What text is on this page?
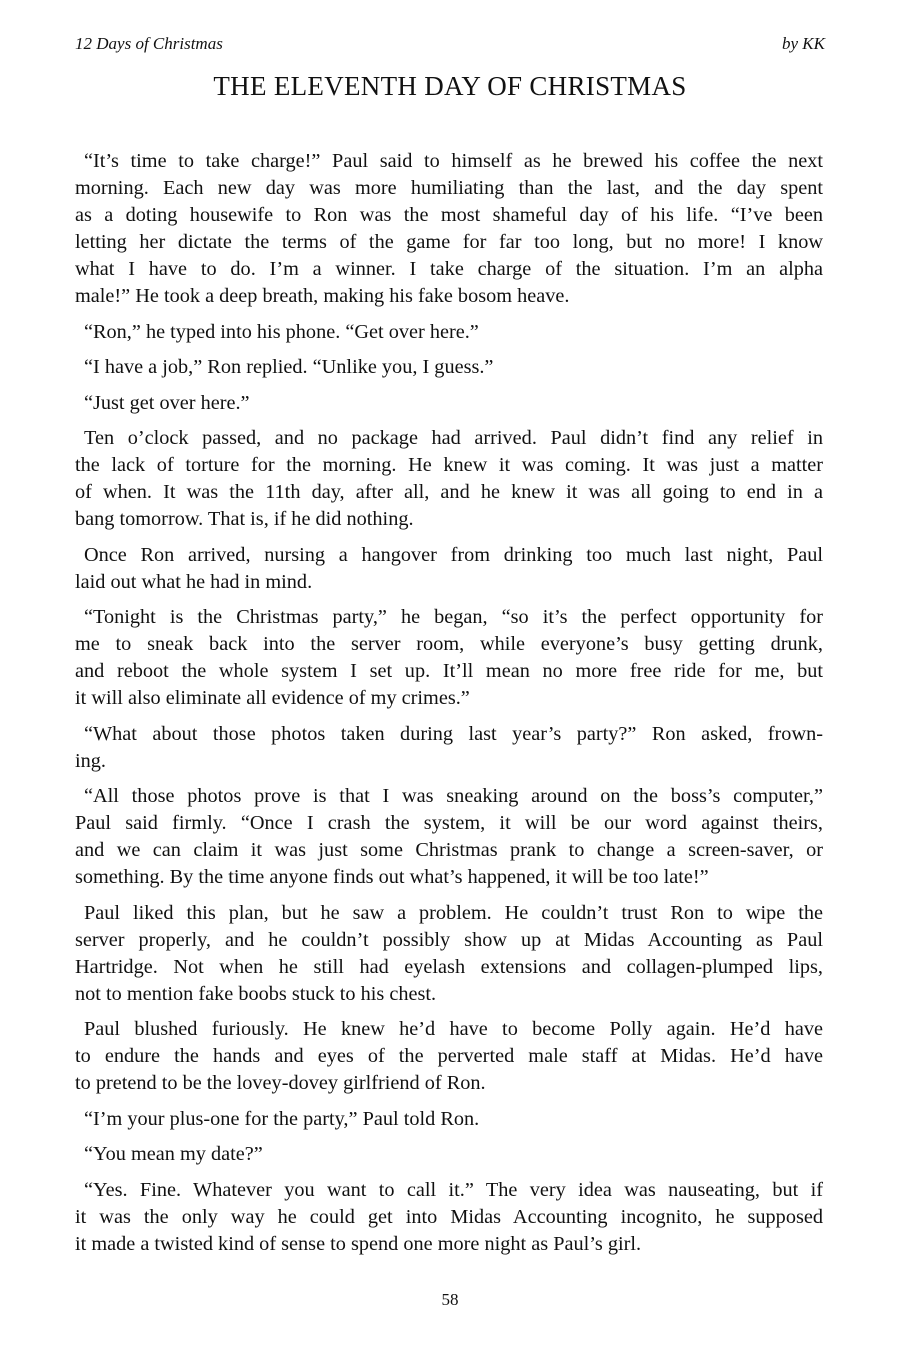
12 Days of Christmas	by KK
THE ELEVENTH DAY OF CHRISTMAS

“It’s time to take charge!” Paul said to himself as he brewed his coffee the next
morning. Each new day was more humiliating than the last, and the day spent
as a doting housewife to Ron was the most shameful day of his life. “I’ve been
letting her dictate the terms of the game for far too long, but no more! I know
what I have to do. I’m a winner. I take charge of the situation. I’m an alpha
male!” He took a deep breath, making his fake bosom heave.

“Ron,” he typed into his phone. “Get over here.”

“I have a job,” Ron replied. “Unlike you, I guess.”

“Just get over here.”

Ten o’clock passed, and no package had arrived. Paul didn’t find any relief in
the lack of torture for the morning. He knew it was coming. It was just a matter
of when. It was the 11th day, after all, and he knew it was all going to end in a
bang tomorrow. That is, if he did nothing.

Once Ron arrived, nursing a hangover from drinking too much last night, Paul
laid out what he had in mind.

“Tonight is the Christmas party,” he began, “so it’s the perfect opportunity for
me to sneak back into the server room, while everyone’s busy getting drunk,
and reboot the whole system I set up. It’ll mean no more free ride for me, but
it will also eliminate all evidence of my crimes.”

“What about those photos taken during last year’s party?” Ron asked, frown-
ing.

“All those photos prove is that I was sneaking around on the boss’s computer,”
Paul said firmly. “Once I crash the system, it will be our word against theirs,
and we can claim it was just some Christmas prank to change a screen-saver, or
something. By the time anyone finds out what’s happened, it will be too late!”

Paul liked this plan, but he saw a problem. He couldn’t trust Ron to wipe the
server properly, and he couldn’t possibly show up at Midas Accounting as Paul
Hartridge. Not when he still had eyelash extensions and collagen-plumped lips,
not to mention fake boobs stuck to his chest.

Paul blushed furiously. He knew he’d have to become Polly again. He’d have
to endure the hands and eyes of the perverted male staff at Midas. He’d have
to pretend to be the lovey-dovey girlfriend of Ron.

“I’m your plus-one for the party,” Paul told Ron.

“You mean my date?”

“Yes. Fine. Whatever you want to call it.” The very idea was nauseating, but if
it was the only way he could get into Midas Accounting incognito, he supposed
it made a twisted kind of sense to spend one more night as Paul’s girl.

58
